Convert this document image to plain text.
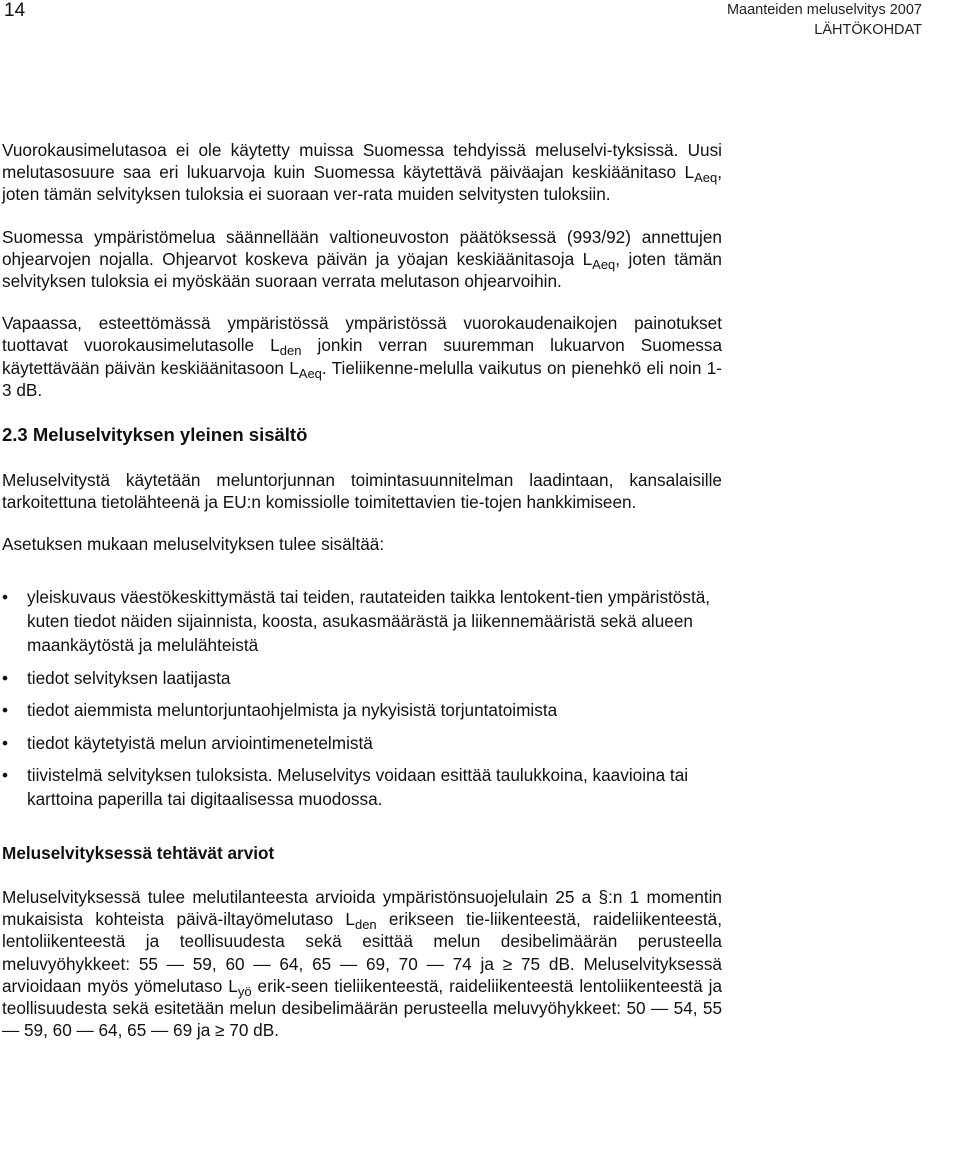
14	Maanteiden meluselvitys 2007
LÄHTÖKOHDAT

Vuorokausimelutasoa ei ole käytetty muissa Suomessa tehdyissä meluselvi-tyksissä. Uusi melutasosuure saa eri lukuarvoja kuin Suomessa käytettävä päiväajan keskiäänitaso $L_{Aeq}$, joten tämän selvityksen tuloksia ei suoraan ver-rata muiden selvitysten tuloksiin.

Suomessa ympäristömelua säännellään valtioneuvoston päätöksessä (993/92) annettujen ohjearvojen nojalla. Ohjearvot koskeva päivän ja yöajan keskiäänitasoja $L_{Aeq}$, joten tämän selvityksen tuloksia ei myöskään suoraan verrata melutason ohjearvoihin.

Vapaassa, esteettömässä ympäristössä ympäristössä vuorokaudenaikojen painotukset tuottavat vuorokausimelutasolle $L_{den}$ jonkin verran suuremman lukuarvon Suomessa käytettävään päivän keskiäänitasoon $L_{Aeq}$. Tieliikenne-melulla vaikutus on pienehkö eli noin 1-3 dB.

2.3 Meluselvityksen yleinen sisältö

Meluselvitystä käytetään meluntorjunnan toimintasuunnitelman laadintaan, kansalaisille tarkoitettuna tietolähteenä ja EU:n komissiolle toimitettavien tie-tojen hankkimiseen.

Asetuksen mukaan meluselvityksen tulee sisältää:

•
yleiskuvaus väestökeskittymästä tai teiden, rautateiden taikka lentokent-tien ympäristöstä, kuten tiedot näiden sijainnista, koosta, asukasmäärästä ja liikennemääristä sekä alueen maankäytöstä ja melulähteistä
•
tiedot selvityksen laatijasta
•
tiedot aiemmista meluntorjuntaohjelmista ja nykyisistä torjuntatoimista
•
tiedot käytetyistä melun arviointimenetelmistä
•
tiivistelmä selvityksen tuloksista. Meluselvitys voidaan esittää taulukkoina, kaavioina tai karttoina paperilla tai digitaalisessa muodossa.
Meluselvityksessä tehtävät arviot

Meluselvityksessä tulee melutilanteesta arvioida ympäristönsuojelulain 25 a §:n 1 momentin mukaisista kohteista päivä-iltayömelutaso $L_{den}$ erikseen tie-liikenteestä, raideliikenteestä, lentoliikenteestä ja teollisuudesta sekä esittää melun desibelimäärän perusteella meluvyöhykkeet: 55 — 59, 60 — 64, 65 — 69, 70 — 74 ja ≥ 75 dB. Meluselvityksessä arvioidaan myös yömelutaso $L_{yö}$ erik-seen tieliikenteestä, raideliikenteestä lentoliikenteestä ja teollisuudesta sekä esitetään melun desibelimäärän perusteella meluvyöhykkeet: 50 — 54, 55 — 59, 60 — 64, 65 — 69 ja ≥ 70 dB.
